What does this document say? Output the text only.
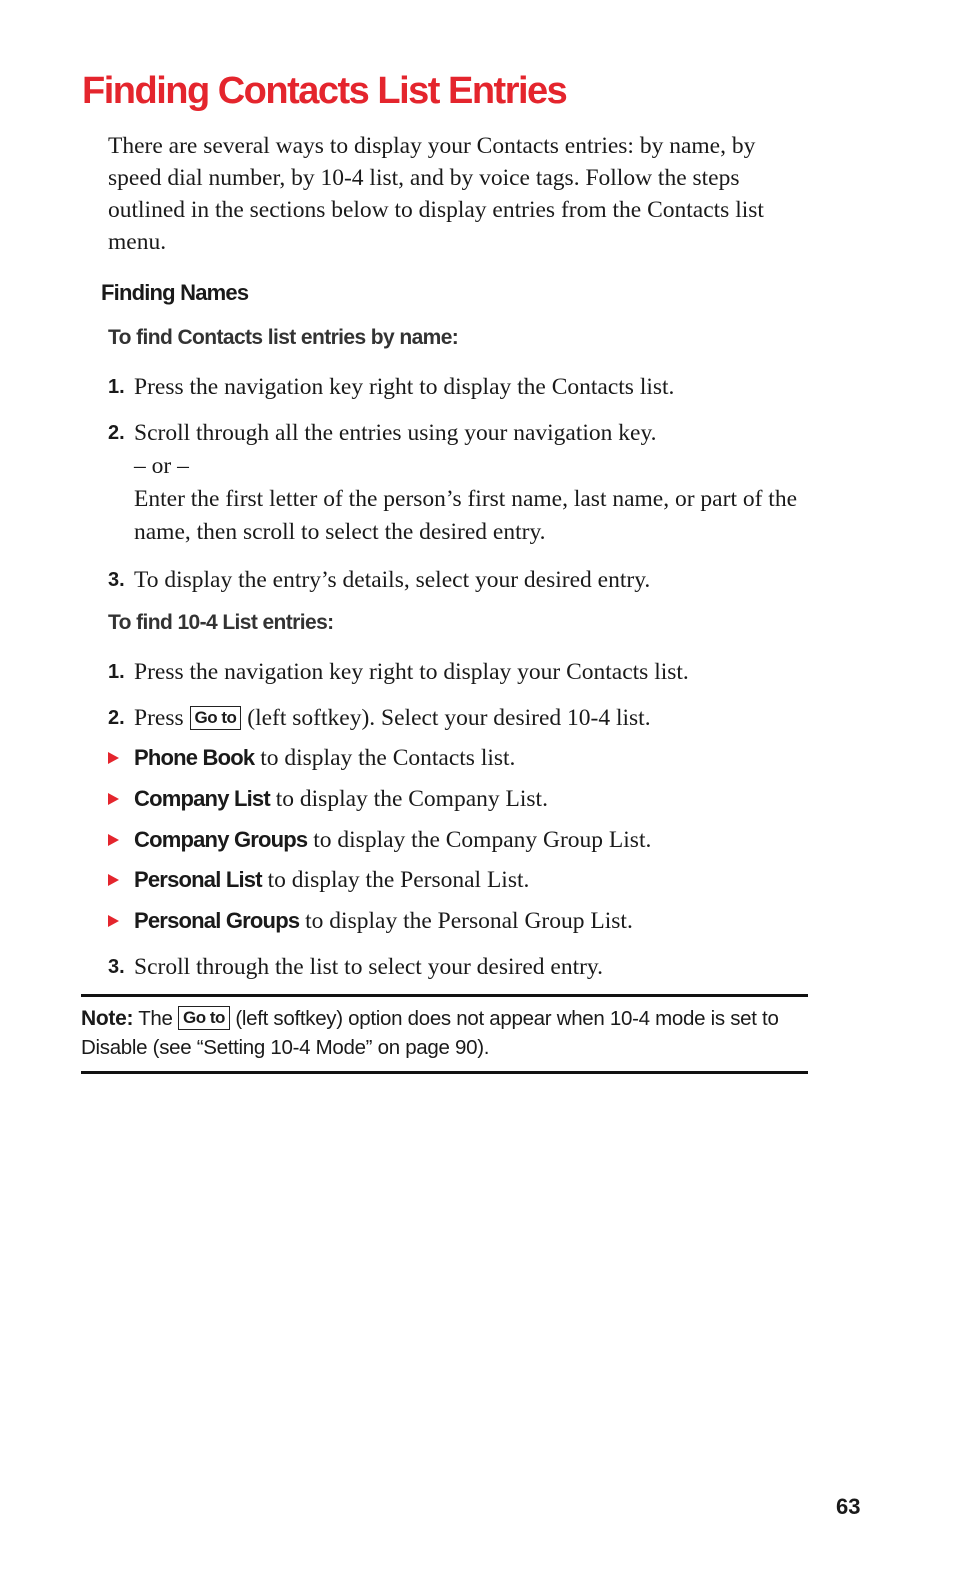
Finding Contacts List Entries

There are several ways to display your Contacts entries: by name, by speed dial number, by 10-4 list, and by voice tags. Follow the steps outlined in the sections below to display entries from the Contacts list menu.

Finding Names
To find Contacts list entries by name:
1. Press the navigation key right to display the Contacts list.
2. Scroll through all the entries using your navigation key.
– or –
Enter the first letter of the person’s first name, last name, or part of the name, then scroll to select the desired entry.
3. To display the entry’s details, select your desired entry.
To find 10-4 List entries:
1. Press the navigation key right to display your Contacts list.
2. Press Go to (left softkey). Select your desired 10-4 list.
Phone Book to display the Contacts list.
Company List to display the Company List.
Company Groups to display the Company Group List.
Personal List to display the Personal List.
Personal Groups to display the Personal Group List.
3. Scroll through the list to select your desired entry.
Note: The Go to (left softkey) option does not appear when 10-4 mode is set to Disable (see “Setting 10-4 Mode” on page 90).
63
